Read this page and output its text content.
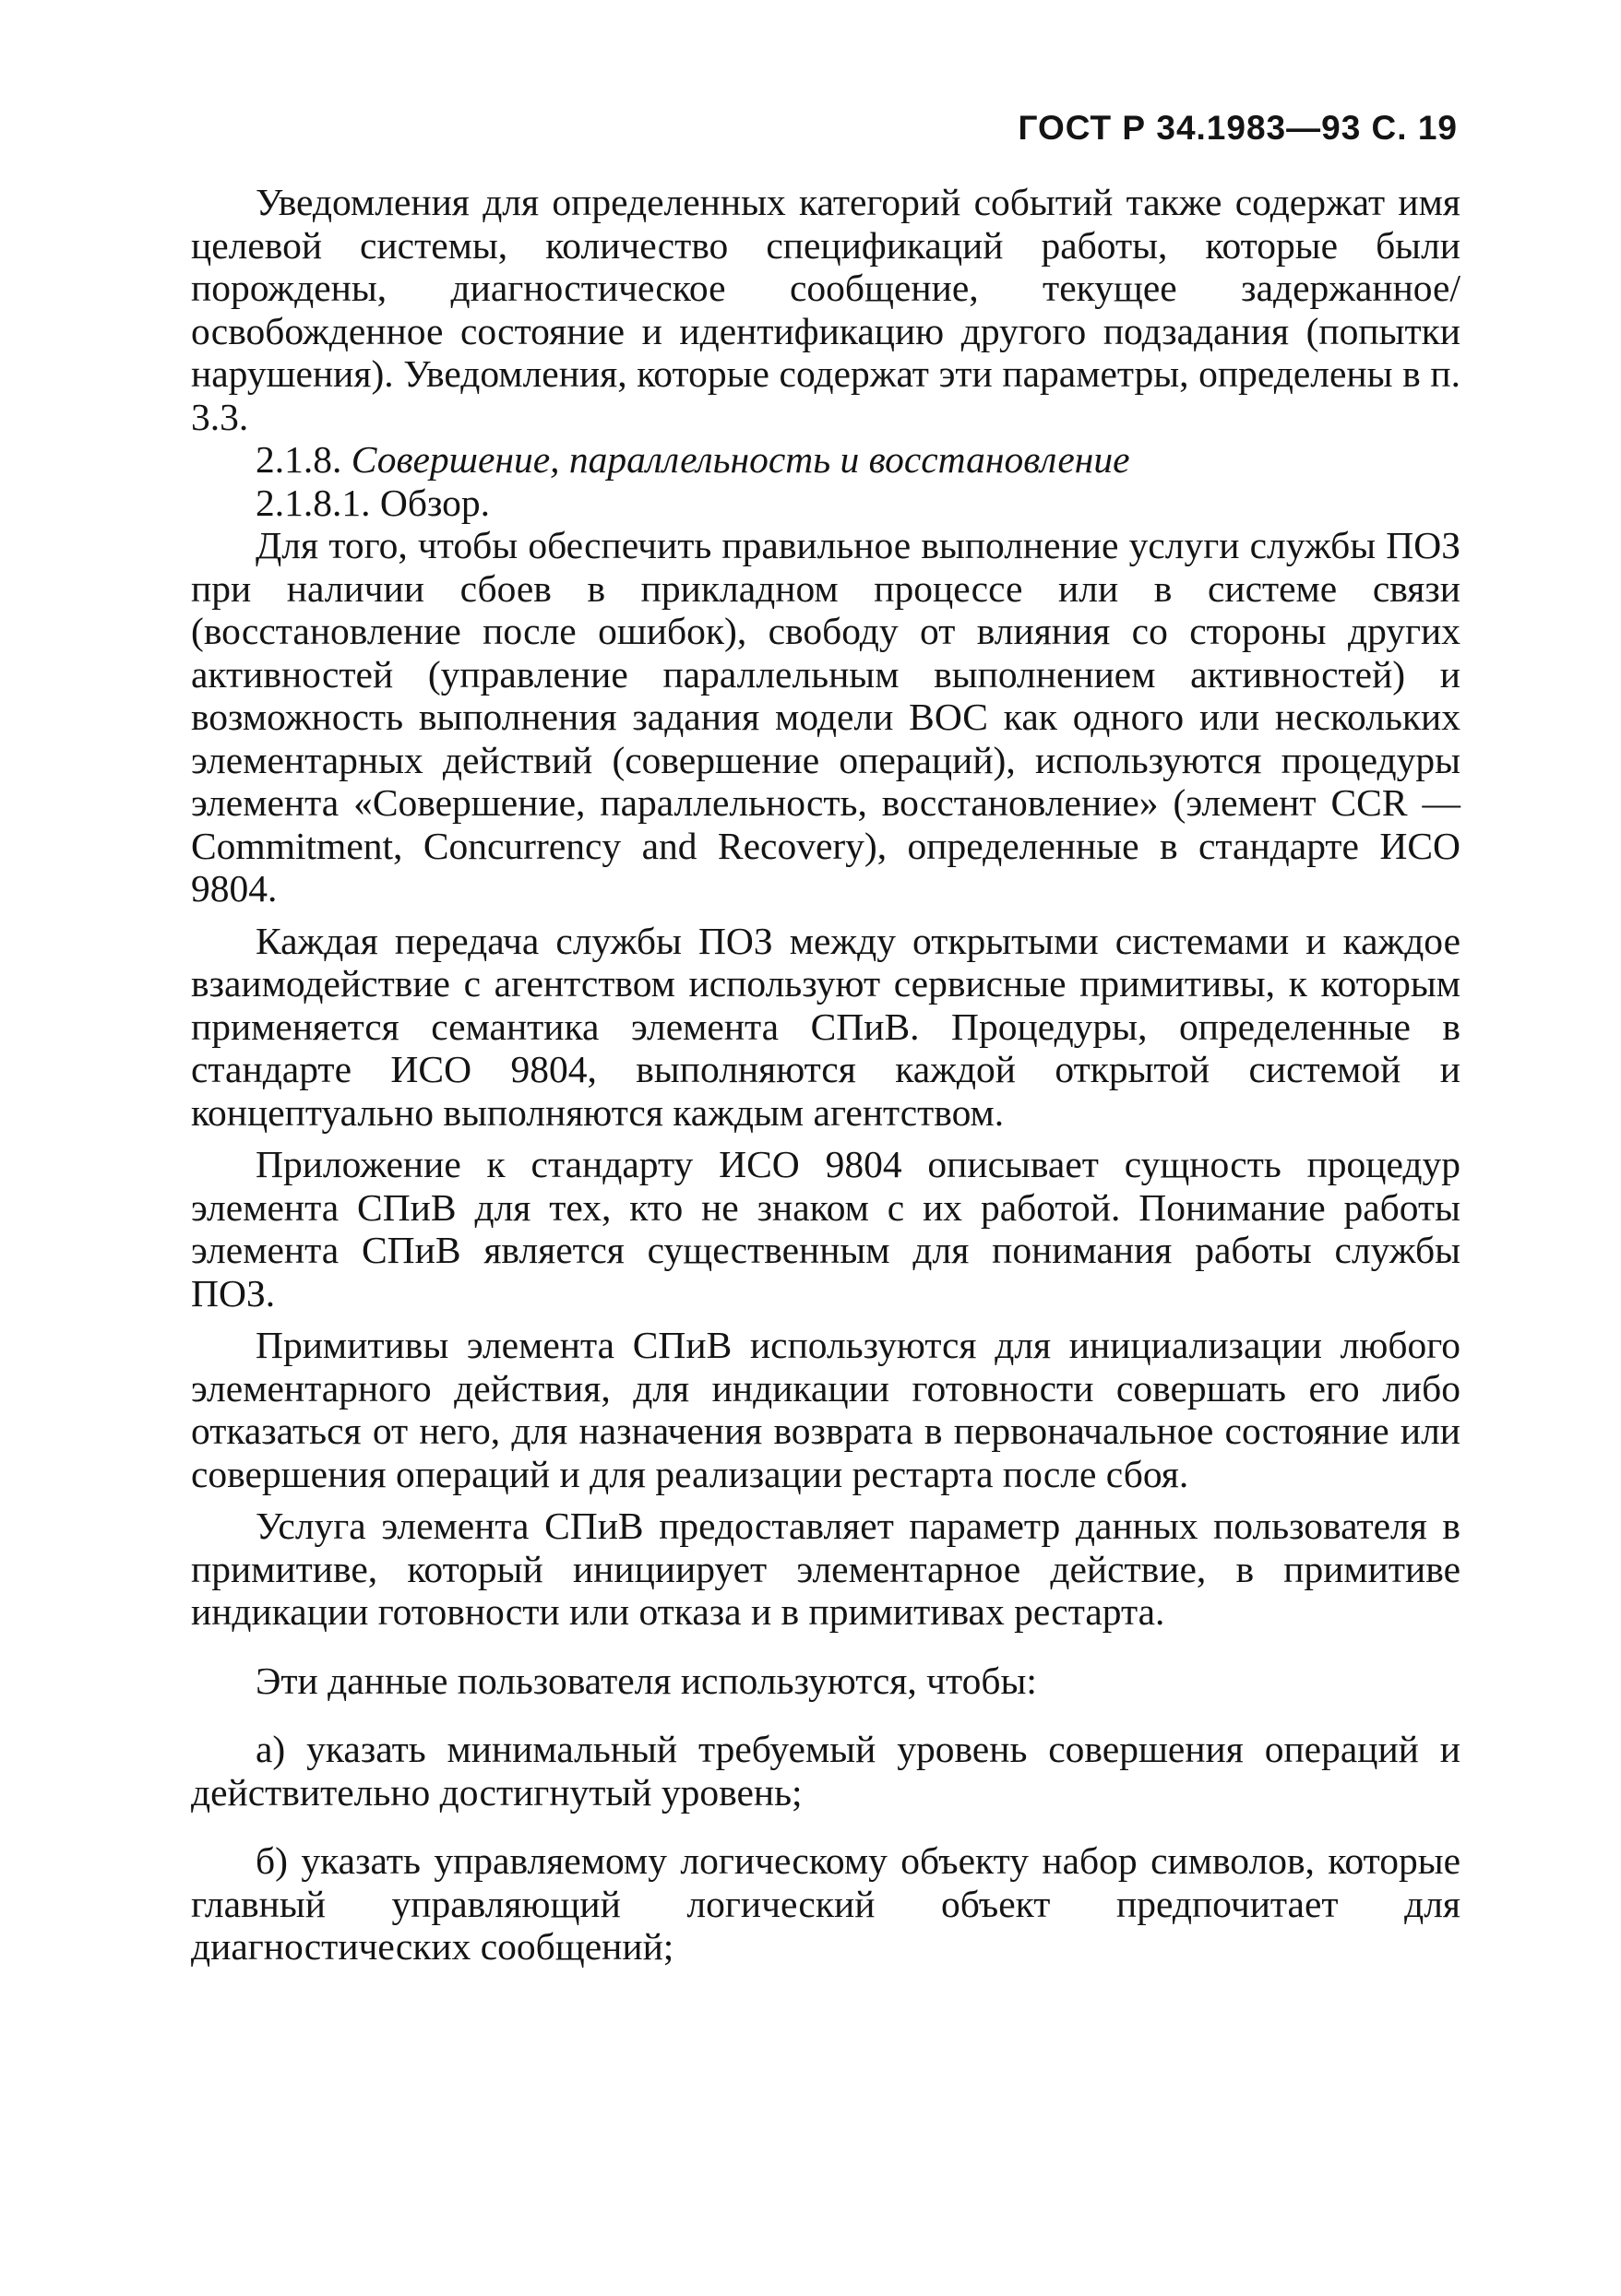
ГОСТ Р 34.1983—93 С. 19

Уведомления для определенных категорий событий также содержат имя целевой системы, количество спецификаций работы, которые были порождены, диагностическое сообщение, текущее задержанное/освобожденное состояние и идентификацию другого подзадания (попытки нарушения). Уведомления, которые содержат эти параметры, определены в п. 3.3.

2.1.8. Совершение, параллельность и восстановление

2.1.8.1. Обзор.

Для того, чтобы обеспечить правильное выполнение услуги службы ПОЗ при наличии сбоев в прикладном процессе или в системе связи (восстановление после ошибок), свободу от влияния со стороны других активностей (управление параллельным выполнением активностей) и возможность выполнения задания модели ВОС как одного или нескольких элементарных действий (совершение операций), используются процедуры элемента «Совершение, параллельность, восстановление» (элемент CCR — Commitment, Concurrency and Recovery), определенные в стандарте ИСО 9804.

Каждая передача службы ПОЗ между открытыми системами и каждое взаимодействие с агентством используют сервисные примитивы, к которым применяется семантика элемента СПиВ. Процедуры, определенные в стандарте ИСО 9804, выполняются каждой открытой системой и концептуально выполняются каждым агентством.

Приложение к стандарту ИСО 9804 описывает сущность процедур элемента СПиВ для тех, кто не знаком с их работой. Понимание работы элемента СПиВ является существенным для понимания работы службы ПОЗ.

Примитивы элемента СПиВ используются для инициализации любого элементарного действия, для индикации готовности совершать его либо отказаться от него, для назначения возврата в первоначальное состояние или совершения операций и для реализации рестарта после сбоя.

Услуга элемента СПиВ предоставляет параметр данных пользователя в примитиве, который инициирует элементарное действие, в примитиве индикации готовности или отказа и в примитивах рестарта.

Эти данные пользователя используются, чтобы:

а) указать минимальный требуемый уровень совершения операций и действительно достигнутый уровень;

б) указать управляемому логическому объекту набор символов, которые главный управляющий логический объект предпочитает для диагностических сообщений;
